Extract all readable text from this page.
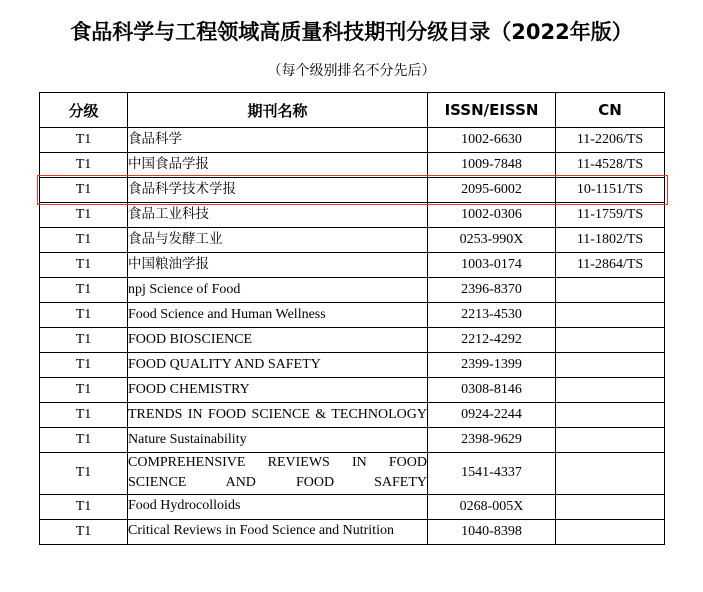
食品科学与工程领域高质量科技期刊分级目录（2022年版）
（每个级别排名不分先后）
分级	期刊名称	ISSN/EISSN	CN
T1	食品科学	1002-6630	11-2206/TS
T1	中国食品学报	1009-7848	11-4528/TS
T1	食品科学技术学报	2095-6002	10-1151/TS
T1	食品工业科技	1002-0306	11-1759/TS
T1	食品与发酵工业	0253-990X	11-1802/TS
T1	中国粮油学报	1003-0174	11-2864/TS
T1	npj Science of Food	2396-8370	
T1	Food Science and Human Wellness	2213-4530	
T1	FOOD BIOSCIENCE	2212-4292	
T1	FOOD QUALITY AND SAFETY	2399-1399	
T1	FOOD CHEMISTRY	0308-8146	
T1	TRENDS IN FOOD SCIENCE & TECHNOLOGY	0924-2244	
T1	Nature Sustainability	2398-9629	
T1	COMPREHENSIVE REVIEWS IN FOOD SCIENCE AND FOOD SAFETY	1541-4337	
T1	Food Hydrocolloids	0268-005X	
T1	Critical Reviews in Food Science and Nutrition	1040-8398	
